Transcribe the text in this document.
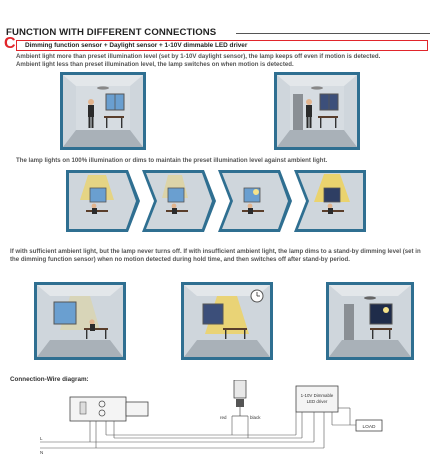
FUNCTION WITH DIFFERENT CONNECTIONS
C Dimming function sensor + Daylight sensor + 1-10V dimmable LED driver
Ambient light more than preset illumination level (set by 1-10V daylight sensor), the lamp keeps off even if motion is detected.
Ambient light less than preset illumination level, the lamp switches on when motion is detected.
The lamp lights on 100% illumination or dims to maintain the preset illumination level against ambient light.
If with sufficient ambient light, but the lamp never turns off. If with insufficient ambient light, the lamp dims to a stand-by dimming level (set in the dimming function sensor) when no motion detected during hold time, and then switches off after stand-by period.
Connection-Wire diagram:
red	black
1-10V Dimmable
LED driver
LOAD
L
N
